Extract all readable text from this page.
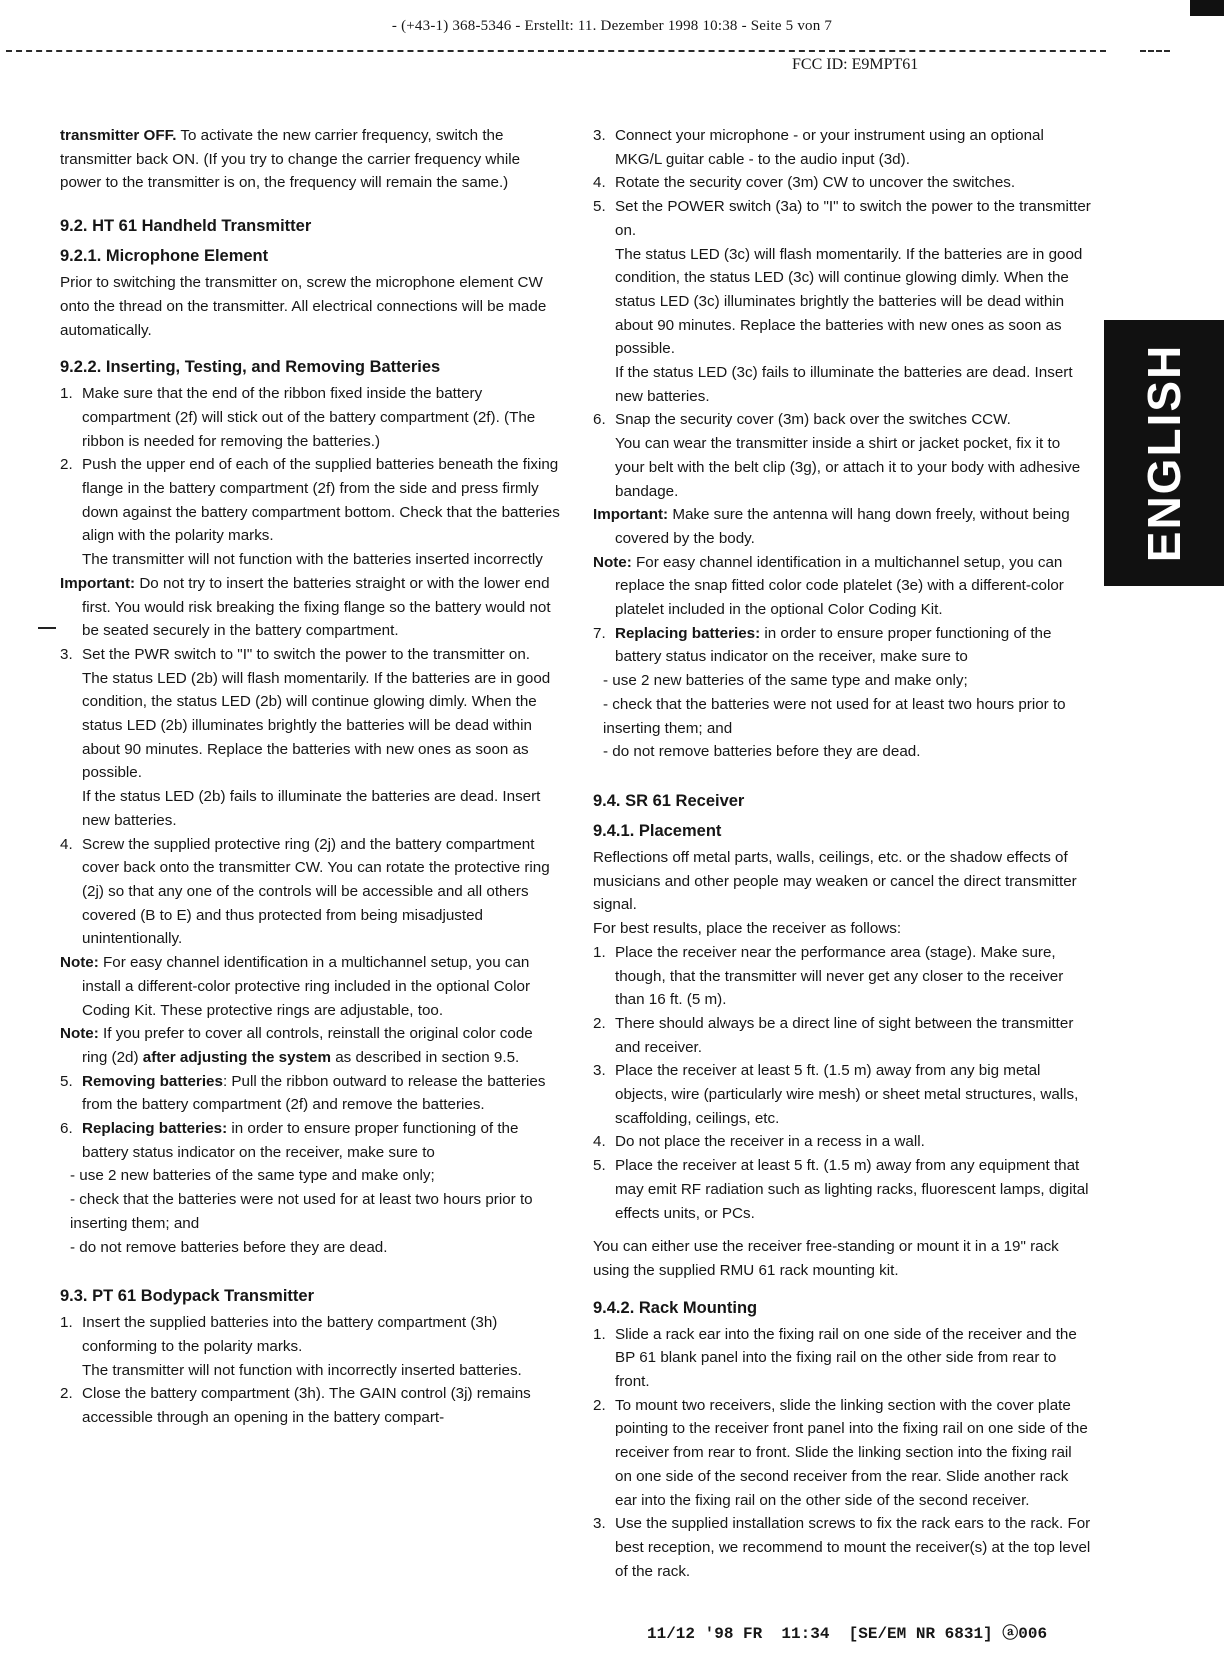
- (+43-1) 368-5346 - Erstellt: 11. Dezember 1998 10:38 - Seite 5 von 7
FCC ID: E9MPT61

transmitter OFF. To activate the new carrier frequency, switch the transmitter back ON. (If you try to change the carrier frequency while power to the transmitter is on, the frequency will remain the same.)

9.2. HT 61 Handheld Transmitter
9.2.1. Microphone Element

Prior to switching the transmitter on, screw the microphone element CW onto the thread on the transmitter. All electrical connections will be made automatically.

9.2.2. Inserting, Testing, and Removing Batteries
1. Make sure that the end of the ribbon fixed inside the battery compartment (2f) will stick out of the battery compartment (2f). (The ribbon is needed for removing the batteries.)
2. Push the upper end of each of the supplied batteries beneath the fixing flange in the battery compartment (2f) from the side and press firmly down against the battery compartment bottom. Check that the batteries align with the polarity marks.

The transmitter will not function with the batteries inserted incorrectly

Important: Do not try to insert the batteries straight or with the lower end first. You would risk breaking the fixing flange so the battery would not be seated securely in the battery compartment.

3. Set the PWR switch to "I" to switch the power to the transmitter on.

The status LED (2b) will flash momentarily. If the batteries are in good condition, the status LED (2b) will continue glowing dimly. When the status LED (2b) illuminates brightly the batteries will be dead within about 90 minutes. Replace the batteries with new ones as soon as possible.

If the status LED (2b) fails to illuminate the batteries are dead. Insert new batteries.

4. Screw the supplied protective ring (2j) and the battery compartment cover back onto the transmitter CW. You can rotate the protective ring (2j) so that any one of the controls will be accessible and all others covered (B to E) and thus protected from being misadjusted unintentionally.

Note: For easy channel identification in a multichannel setup, you can install a different-color protective ring included in the optional Color Coding Kit. These protective rings are adjustable, too.

Note: If you prefer to cover all controls, reinstall the original color code ring (2d) after adjusting the system as described in section 9.5.

5. Removing batteries: Pull the ribbon outward to release the batteries from the battery compartment (2f) and remove the batteries.
6. Replacing batteries: in order to ensure proper functioning of the battery status indicator on the receiver, make sure to

- use 2 new batteries of the same type and make only;

- check that the batteries were not used for at least two hours prior to inserting them; and

- do not remove batteries before they are dead.

9.3. PT 61 Bodypack Transmitter
1. Insert the supplied batteries into the battery compartment (3h) conforming to the polarity marks.

The transmitter will not function with incorrectly inserted batteries.

2. Close the battery compartment (3h). The GAIN control (3j) remains accessible through an opening in the battery compart-
3. Connect your microphone - or your instrument using an optional MKG/L guitar cable - to the audio input (3d).
4. Rotate the security cover (3m) CW to uncover the switches.
5. Set the POWER switch (3a) to "I" to switch the power to the transmitter on.

The status LED (3c) will flash momentarily. If the batteries are in good condition, the status LED (3c) will continue glowing dimly. When the status LED (3c) illuminates brightly the batteries will be dead within about 90 minutes. Replace the batteries with new ones as soon as possible.

If the status LED (3c) fails to illuminate the batteries are dead. Insert new batteries.

6. Snap the security cover (3m) back over the switches CCW.

You can wear the transmitter inside a shirt or jacket pocket, fix it to your belt with the belt clip (3g), or attach it to your body with adhesive bandage.

Important: Make sure the antenna will hang down freely, without being covered by the body.

Note: For easy channel identification in a multichannel setup, you can replace the snap fitted color code platelet (3e) with a different-color platelet included in the optional Color Coding Kit.

7. Replacing batteries: in order to ensure proper functioning of the battery status indicator on the receiver, make sure to

- use 2 new batteries of the same type and make only;

- check that the batteries were not used for at least two hours prior to inserting them; and

- do not remove batteries before they are dead.

9.4. SR 61 Receiver
9.4.1. Placement

Reflections off metal parts, walls, ceilings, etc. or the shadow effects of musicians and other people may weaken or cancel the direct transmitter signal.

For best results, place the receiver as follows:

1. Place the receiver near the performance area (stage). Make sure, though, that the transmitter will never get any closer to the receiver than 16 ft. (5 m).
2. There should always be a direct line of sight between the transmitter and receiver.
3. Place the receiver at least 5 ft. (1.5 m) away from any big metal objects, wire (particularly wire mesh) or sheet metal structures, walls, scaffolding, ceilings, etc.
4. Do not place the receiver in a recess in a wall.
5. Place the receiver at least 5 ft. (1.5 m) away from any equipment that may emit RF radiation such as lighting racks, fluorescent lamps, digital effects units, or PCs.

You can either use the receiver free-standing or mount it in a 19" rack using the supplied RMU 61 rack mounting kit.

9.4.2. Rack Mounting
1. Slide a rack ear into the fixing rail on one side of the receiver and the BP 61 blank panel into the fixing rail on the other side from rear to front.
2. To mount two receivers, slide the linking section with the cover plate pointing to the receiver front panel into the fixing rail on one side of the receiver from rear to front. Slide the linking section into the fixing rail on one side of the second receiver from the rear. Slide another rack ear into the fixing rail on the other side of the second receiver.
3. Use the supplied installation screws to fix the rack ears to the rack. For best reception, we recommend to mount the receiver(s) at the top level of the rack.
ENGLISH
11/12 '98 FR  11:34  [SE/EM NR 6831] ⓐ006
